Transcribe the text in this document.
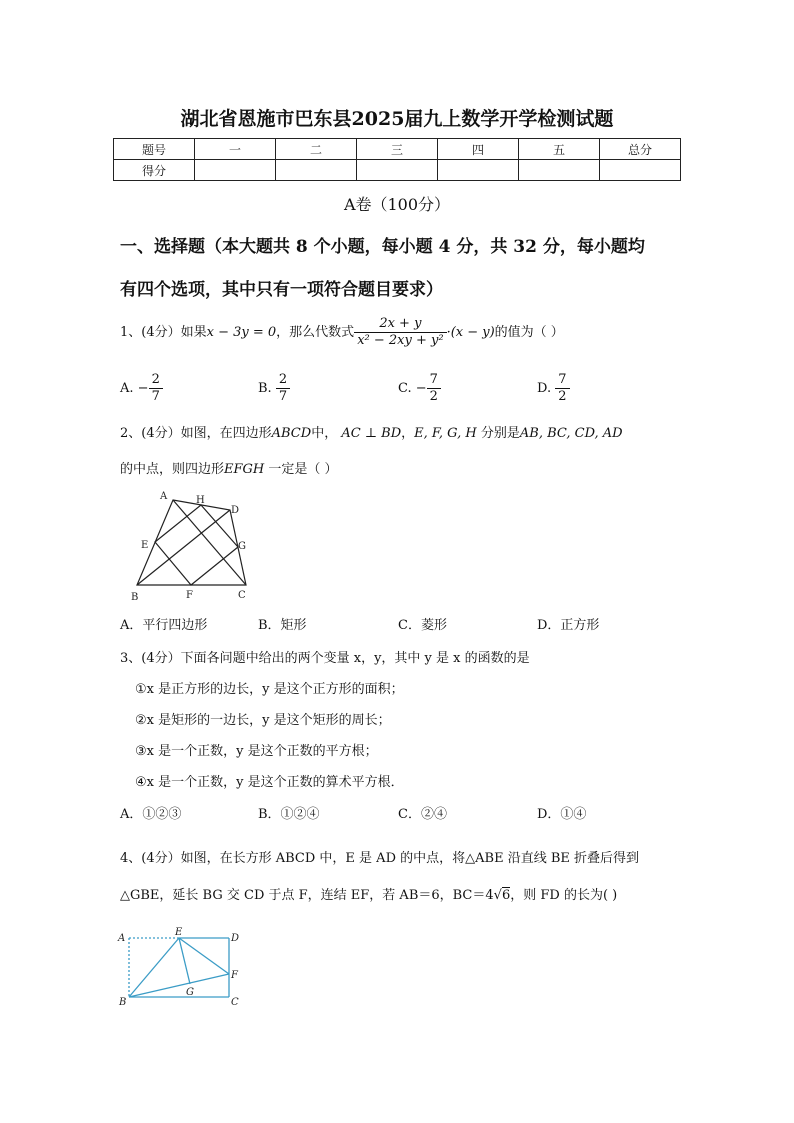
湖北省恩施市巴东县2025届九上数学开学检测试题
题号	一	二	三	四	五	总分
得分						
A卷（100分）
一、选择题（本大题共 8 个小题，每小题 4 分，共 32 分，每小题均
有四个选项，其中只有一项符合题目要求）
1、(4分）如果x − 3y = 0，那么代数式 $\frac{2x + y}{\text{x² − 2xy + y²}} \cdot(x - y)$的值为（ ）
A. − $\frac{2}{7}$	B. $\frac{2}{7}$	C. − $\frac{7}{2}$	D. $\frac{7}{2}$
2、(4分）如图，在四边形ABCD中， AC ⊥ BD，E, F, G, H 分别是AB, BC, CD, AD
的中点，则四边形EFGH 一定是（ ）
A	H
D
E	G
B	F	C
A．平行四边形	B．矩形	C．菱形	D．正方形
3、(4分）下面各问题中给出的两个变量 x，y，其中 y 是 x 的函数的是
①x 是正方形的边长，y 是这个正方形的面积；
②x 是矩形的一边长，y 是这个矩形的周长；
③x 是一个正数，y 是这个正数的平方根；
④x 是一个正数，y 是这个正数的算术平方根．
A．①②③	B．①②④	C．②④	D．①④
4、(4分）如图，在长方形 ABCD 中，E 是 AD 的中点，将△ABE 沿直线 BE 折叠后得到
△GBE，延长 BG 交 CD 于点 F，连结 EF，若 AB＝6，BC＝4√6，则 FD 的长为( )
A
E
D
F
G
B	C
